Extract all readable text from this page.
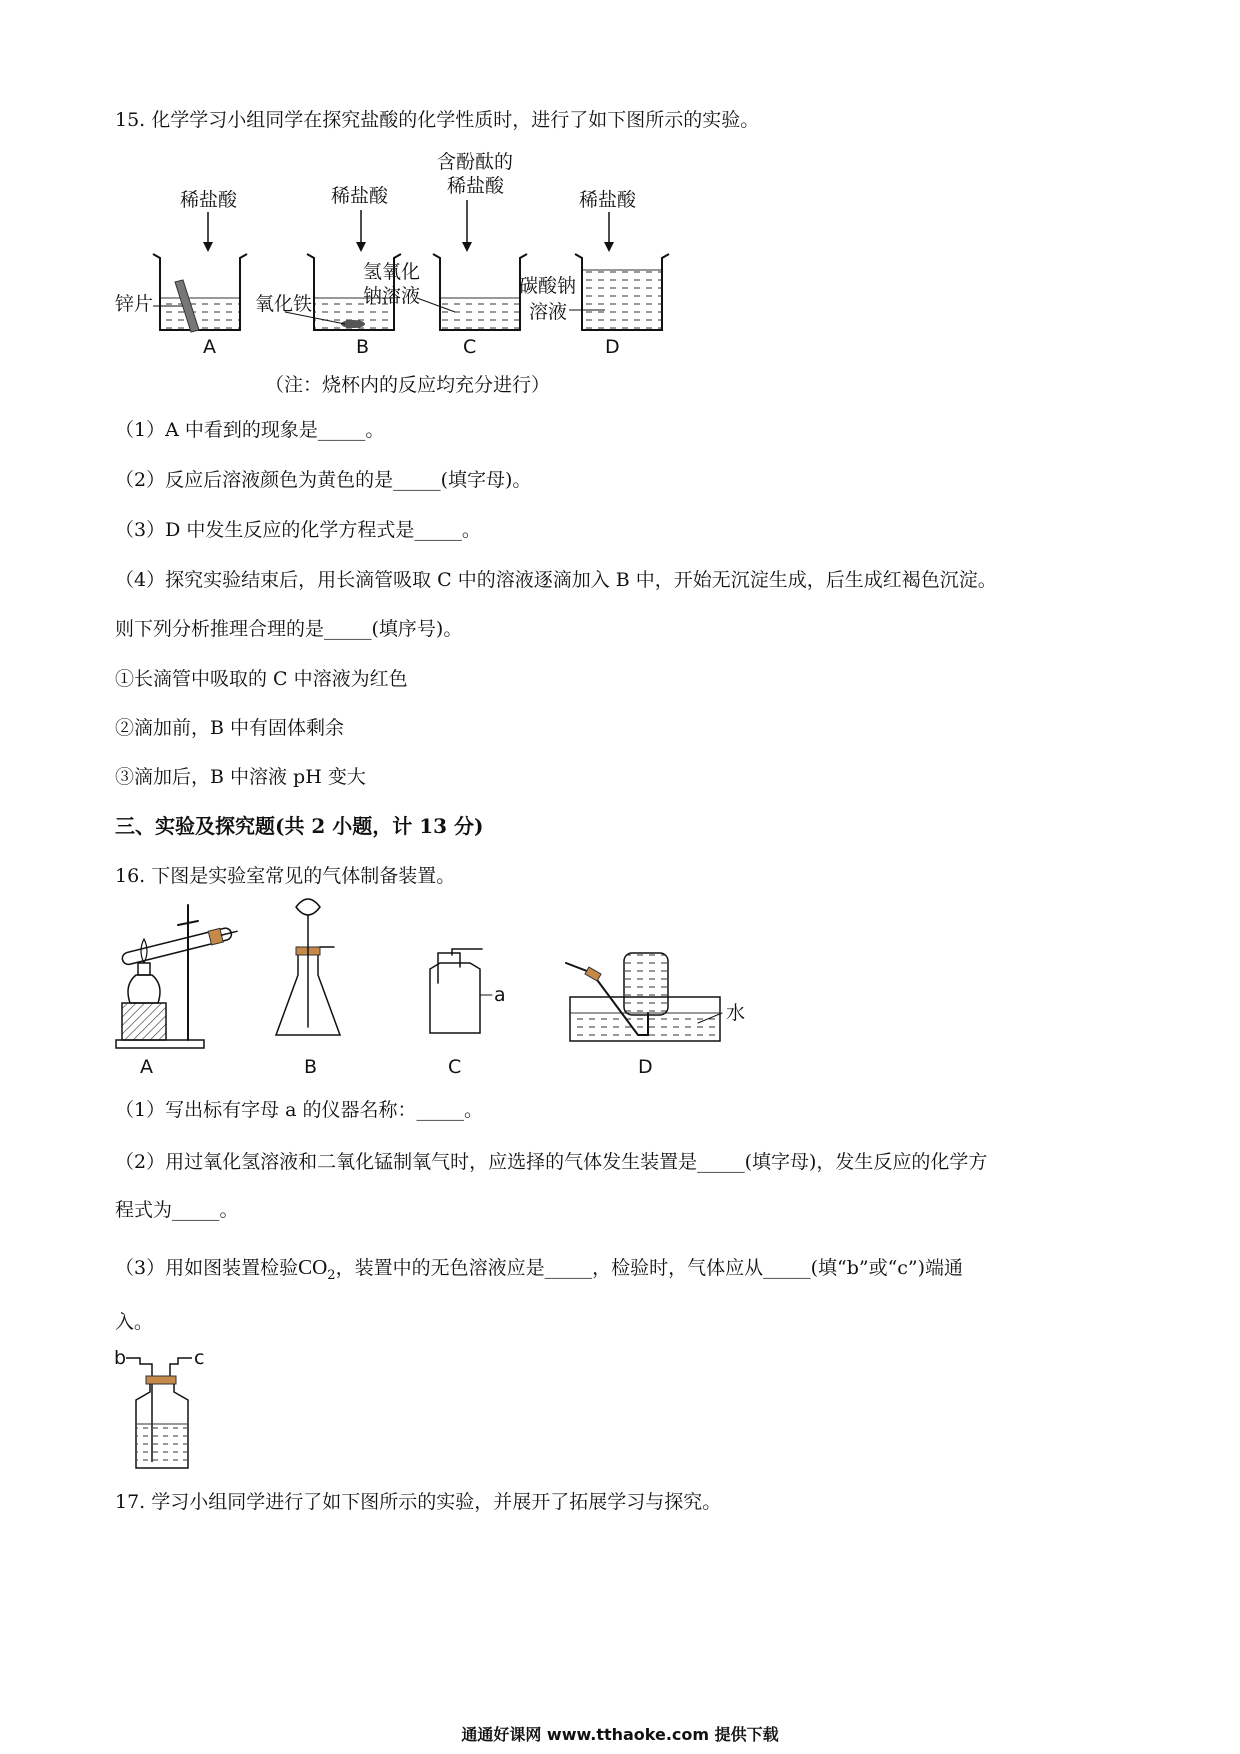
15. 化学学习小组同学在探究盐酸的化学性质时，进行了如下图所示的实验。
稀盐酸
锌片
A
稀盐酸
氧化铁
B
含酚酞的
稀盐酸
氢氧化
钠溶液
C
稀盐酸
碳酸钠
溶液
D
（注：烧杯内的反应均充分进行）
（1）A 中看到的现象是_____。
（2）反应后溶液颜色为黄色的是_____(填字母)。
（3）D 中发生反应的化学方程式是_____。
（4）探究实验结束后，用长滴管吸取 C 中的溶液逐滴加入 B 中，开始无沉淀生成，后生成红褐色沉淀。
则下列分析推理合理的是_____(填序号)。
①长滴管中吸取的 C 中溶液为红色
②滴加前，B 中有固体剩余
③滴加后，B 中溶液 pH 变大
三、实验及探究题(共 2 小题，计 13 分)
16. 下图是实验室常见的气体制备装置。
A	B
a
C
水
D
（1）写出标有字母 a 的仪器名称：_____。
（2）用过氧化氢溶液和二氧化锰制氧气时，应选择的气体发生装置是_____(填字母)，发生反应的化学方
程式为_____。
（3）用如图装置检验$CO_2$，装置中的无色溶液应是_____，检验时，气体应从_____(填“b”或“c”)端通
入。
b	c
17. 学习小组同学进行了如下图所示的实验，并展开了拓展学习与探究。
通通好课网 www.tthaoke.com 提供下载
